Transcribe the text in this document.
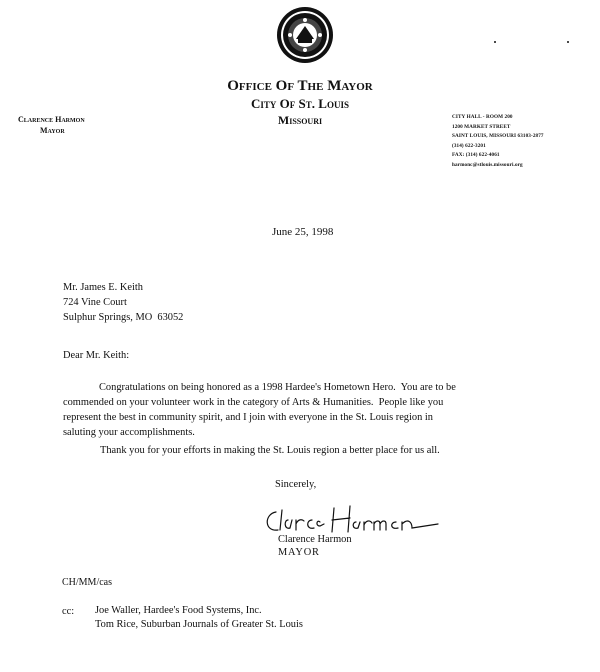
Office Of The Mayor
City Of St. Louis
Missouri
Clarence Harmon
Mayor
CITY HALL - ROOM 200
1200 MARKET STREET
SAINT LOUIS, MISSOURI 63103-2877
(314) 622-3201
FAX: (314) 622-4061
harmonc@stlouis.missouri.org
June 25, 1998
Mr. James E. Keith
724 Vine Court
Sulphur Springs, MO  63052
Dear Mr. Keith:
Congratulations on being honored as a 1998 Hardee's Hometown Hero.  You are to be
commended on your volunteer work in the category of Arts & Humanities.  People like you
represent the best in community spirit, and I join with everyone in the St. Louis region in
saluting your accomplishments.
Thank you for your efforts in making the St. Louis region a better place for us all.
Sincerely,
Clarence Harmon
MAYOR
CH/MM/cas
cc: Joe Waller, Hardee's Food Systems, Inc.
Tom Rice, Suburban Journals of Greater St. Louis
